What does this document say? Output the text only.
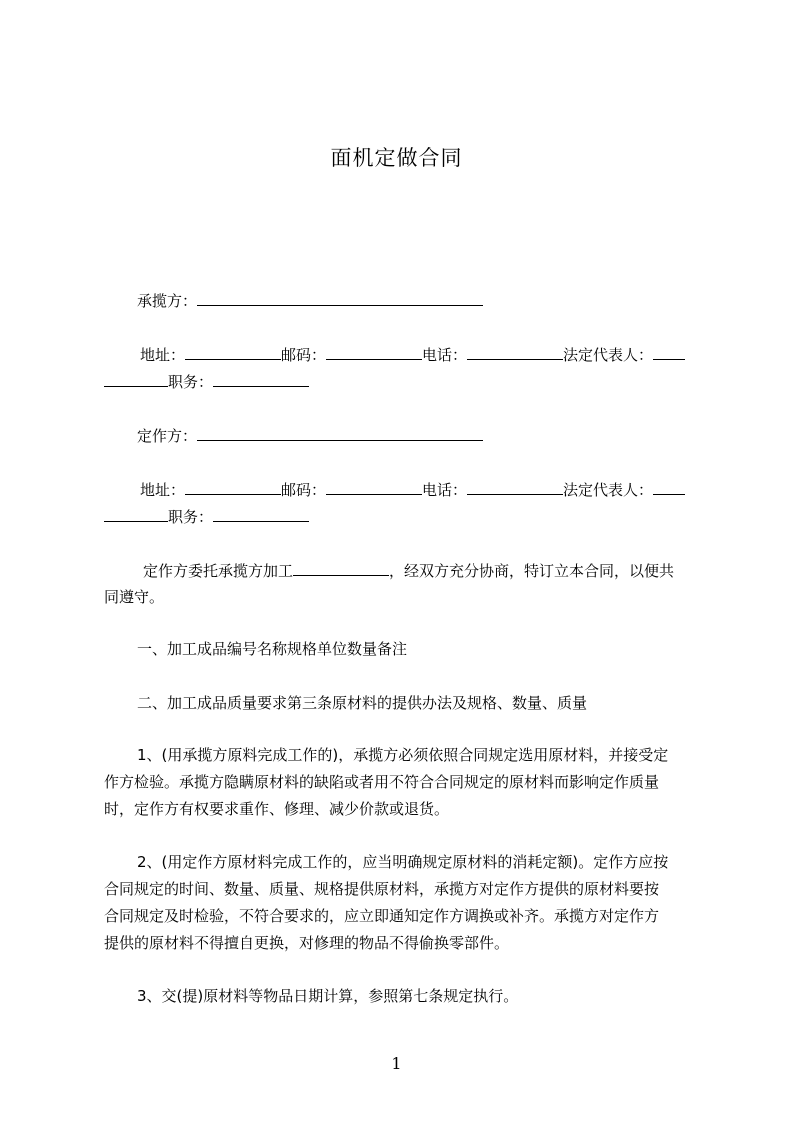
面机定做合同
承揽方：
地址：	邮码：	电话：	法定代表人：
职务：
定作方：
地址：	邮码：	电话：	法定代表人：
职务：
定作方委托承揽方加工	，经双方充分协商，特订立本合同，以便共
同遵守。
一、加工成品编号名称规格单位数量备注
二、加工成品质量要求第三条原材料的提供办法及规格、数量、质量
1、(用承揽方原料完成工作的)，承揽方必须依照合同规定选用原材料，并接受定
作方检验。承揽方隐瞒原材料的缺陷或者用不符合合同规定的原材料而影响定作质量
时，定作方有权要求重作、修理、减少价款或退货。
2、(用定作方原材料完成工作的，应当明确规定原材料的消耗定额)。定作方应按
合同规定的时间、数量、质量、规格提供原材料，承揽方对定作方提供的原材料要按
合同规定及时检验，不符合要求的，应立即通知定作方调换或补齐。承揽方对定作方
提供的原材料不得擅自更换，对修理的物品不得偷换零部件。
3、交(提)原材料等物品日期计算，参照第七条规定执行。
1
